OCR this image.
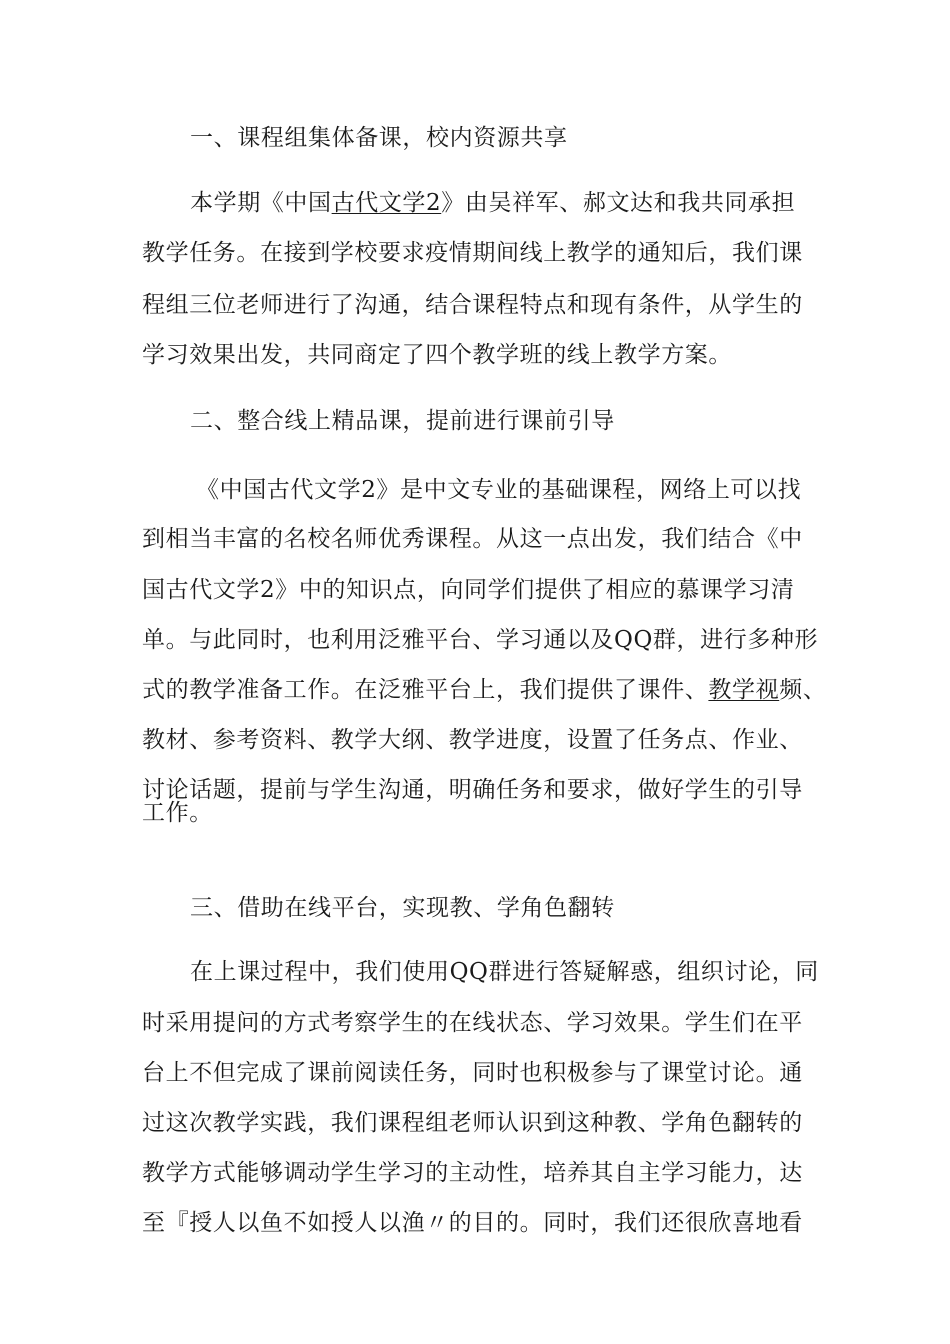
一、课程组集体备课，校内资源共享
本学期《中国古代文学2》由吴祥军、郝文达和我共同承担
教学任务。在接到学校要求疫情期间线上教学的通知后，我们课
程组三位老师进行了沟通，结合课程特点和现有条件，从学生的
学习效果出发，共同商定了四个教学班的线上教学方案。
二、整合线上精品课，提前进行课前引导
《中国古代文学2》是中文专业的基础课程，网络上可以找
到相当丰富的名校名师优秀课程。从这一点出发，我们结合《中
国古代文学2》中的知识点，向同学们提供了相应的慕课学习清
单。与此同时，也利用泛雅平台、学习通以及QQ群，进行多种形
式的教学准备工作。在泛雅平台上，我们提供了课件、教学视频、
教材、参考资料、教学大纲、教学进度，设置了任务点、作业、
讨论话题，提前与学生沟通，明确任务和要求，做好学生的引导
工作。
三、借助在线平台，实现教、学角色翻转
在上课过程中，我们使用QQ群进行答疑解惑，组织讨论，同
时采用提问的方式考察学生的在线状态、学习效果。学生们在平
台上不但完成了课前阅读任务，同时也积极参与了课堂讨论。通
过这次教学实践，我们课程组老师认识到这种教、学角色翻转的
教学方式能够调动学生学习的主动性，培养其自主学习能力，达
至『授人以鱼不如授人以渔〃的目的。同时，我们还很欣喜地看
